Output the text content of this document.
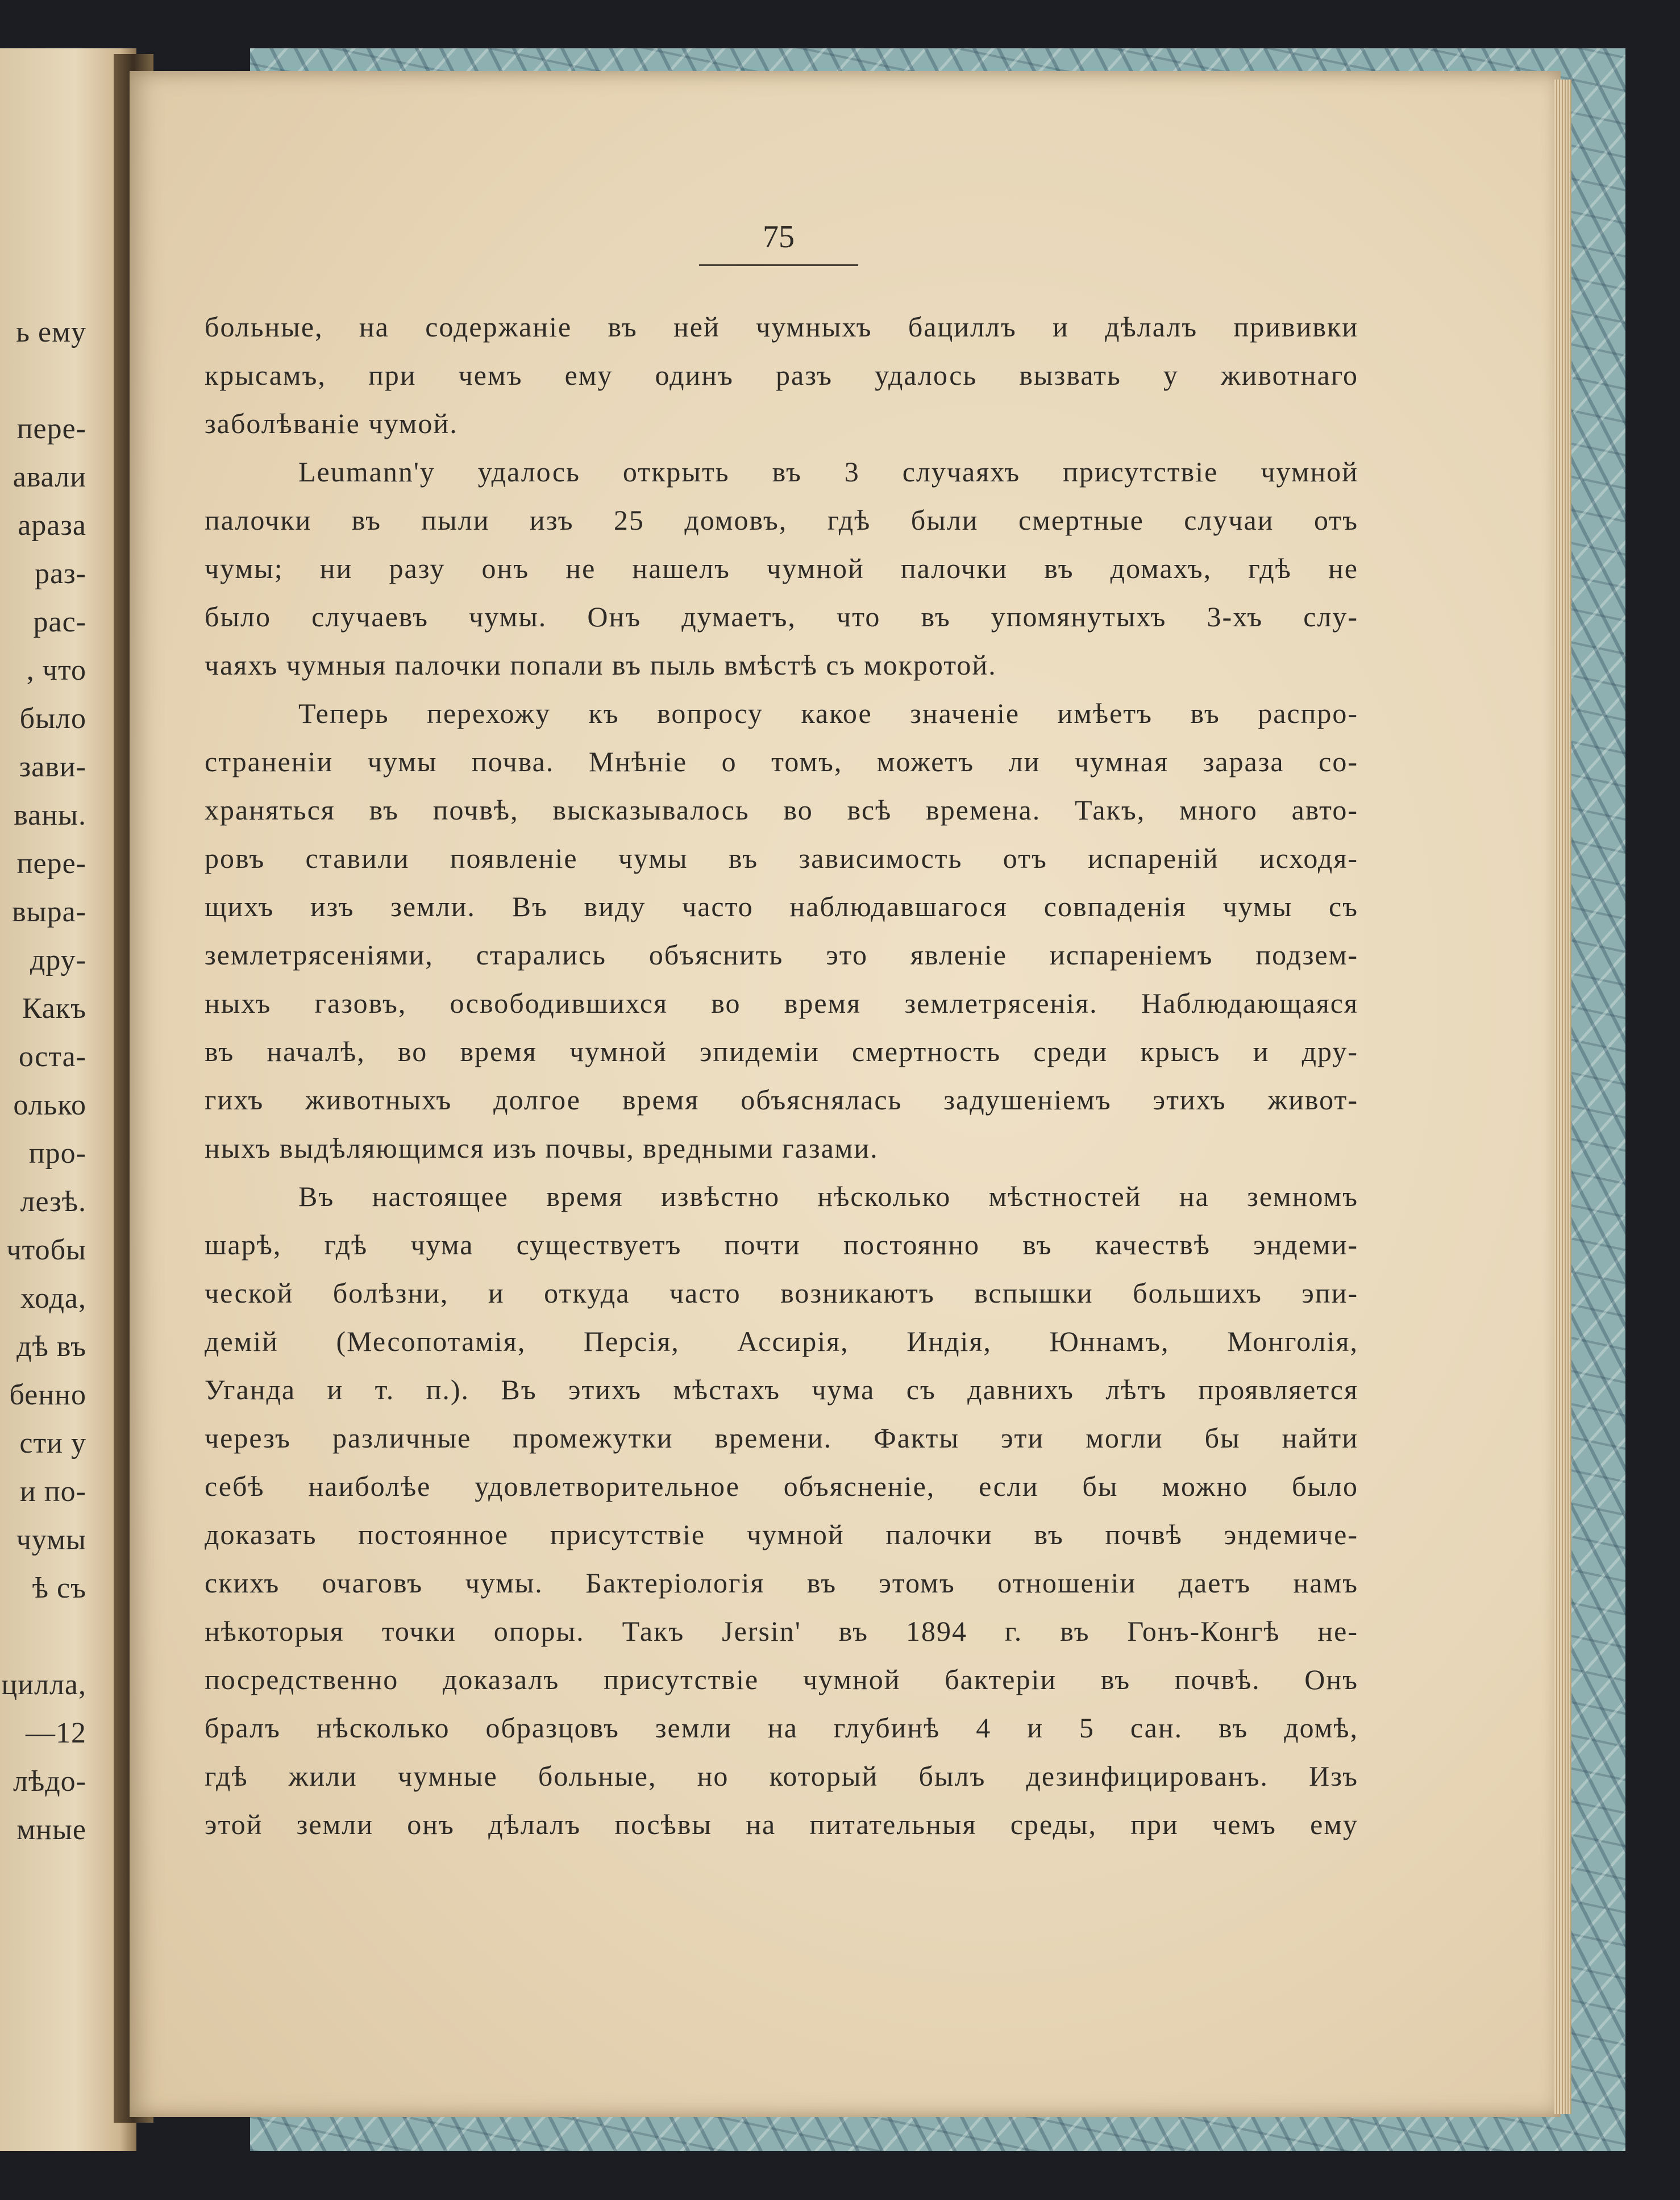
ь ему
пере-
авали
араза
раз-
рас-
, что
было
зави-
ваны.
пере-
выра-
дру-
Какъ
оста-
олько
про-
лезѣ.
чтобы
хода,
дѣ въ
бенно
сти у
и по-
чумы
ѣ съ
цилла,
—12
лѣдо-
мные
75
больные, на содержаніе въ ней чумныхъ бациллъ и дѣлалъ прививки
крысамъ, при чемъ ему одинъ разъ удалось вызвать у животнаго
заболѣваніе чумой.
Leumann'у удалось открыть въ 3 случаяхъ присутствіе чумной
палочки въ пыли изъ 25 домовъ, гдѣ были смертные случаи отъ
чумы; ни разу онъ не нашелъ чумной палочки въ домахъ, гдѣ не
было случаевъ чумы. Онъ думаетъ, что въ упомянутыхъ 3-хъ слу-
чаяхъ чумныя палочки попали въ пыль вмѣстѣ съ мокротой.
Теперь перехожу къ вопросу какое значеніе имѣетъ въ распро-
страненіи чумы почва. Мнѣніе о томъ, можетъ ли чумная зараза со-
храняться въ почвѣ, высказывалось во всѣ времена. Такъ, много авто-
ровъ ставили появленіе чумы въ зависимость отъ испареній исходя-
щихъ изъ земли. Въ виду часто наблюдавшагося совпаденія чумы съ
землетрясеніями, старались объяснить это явленіе испареніемъ подзем-
ныхъ газовъ, освободившихся во время землетрясенія. Наблюдающаяся
въ началѣ, во время чумной эпидеміи смертность среди крысъ и дру-
гихъ животныхъ долгое время объяснялась задушеніемъ этихъ живот-
ныхъ выдѣляющимся изъ почвы, вредными газами.
Въ настоящее время извѣстно нѣсколько мѣстностей на земномъ
шарѣ, гдѣ чума существуетъ почти постоянно въ качествѣ эндеми-
ческой болѣзни, и откуда часто возникаютъ вспышки большихъ эпи-
демій (Месопотамія, Персія, Ассирія, Индія, Юннамъ, Монголія,
Уганда и т. п.). Въ этихъ мѣстахъ чума съ давнихъ лѣтъ проявляется
черезъ различные промежутки времени. Факты эти могли бы найти
себѣ наиболѣе удовлетворительное объясненіе, если бы можно было
доказать постоянное присутствіе чумной палочки въ почвѣ эндемиче-
скихъ очаговъ чумы. Бактеріологія въ этомъ отношеніи даетъ намъ
нѣкоторыя точки опоры. Такъ Jersin' въ 1894 г. въ Гонъ-Конгѣ не-
посредственно доказалъ присутствіе чумной бактеріи въ почвѣ. Онъ
бралъ нѣсколько образцовъ земли на глубинѣ 4 и 5 сан. въ домѣ,
гдѣ жили чумные больные, но который былъ дезинфицированъ. Изъ
этой земли онъ дѣлалъ посѣвы на питательныя среды, при чемъ ему
